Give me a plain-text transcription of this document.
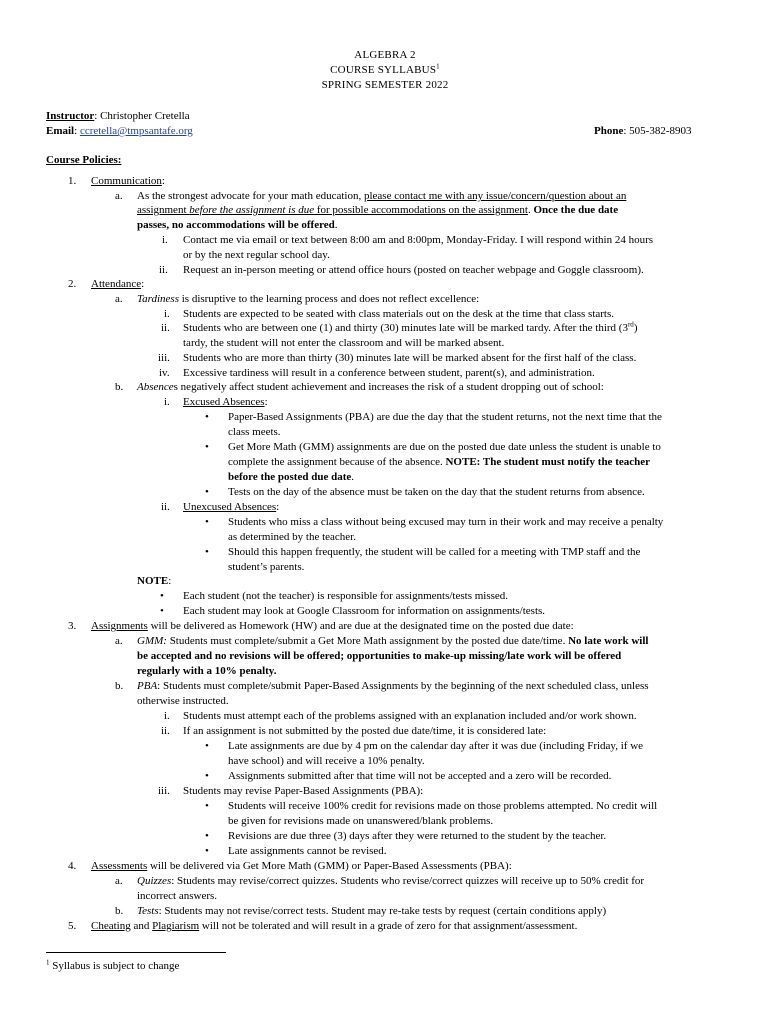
ALGEBRA 2
COURSE SYLLABUS$^1$
SPRING SEMESTER 2022
Instructor: Christopher Cretella
Email: ccretella@tmpsantafe.org	Phone: 505-382-8903
Course Policies:
1. Communication:
a. As the strongest advocate for your math education, please contact me with any issue/concern/question about an
assignment before the assignment is due for possible accommodations on the assignment. Once the due date
passes, no accommodations will be offered.
i. Contact me via email or text between 8:00 am and 8:00pm, Monday-Friday. I will respond within 24 hours
or by the next regular school day.
ii. Request an in-person meeting or attend office hours (posted on teacher webpage and Goggle classroom).
2. Attendance:
a. Tardiness is disruptive to the learning process and does not reflect excellence:
i. Students are expected to be seated with class materials out on the desk at the time that class starts.
ii. Students who are between one (1) and thirty (30) minutes late will be marked tardy. After the third (3rd)
tardy, the student will not enter the classroom and will be marked absent.
iii. Students who are more than thirty (30) minutes late will be marked absent for the first half of the class.
iv. Excessive tardiness will result in a conference between student, parent(s), and administration.
b. Absences negatively affect student achievement and increases the risk of a student dropping out of school:
i. Excused Absences:
• Paper-Based Assignments (PBA) are due the day that the student returns, not the next time that the
class meets.
• Get More Math (GMM) assignments are due on the posted due date unless the student is unable to
complete the assignment because of the absence. NOTE: The student must notify the teacher
before the posted due date.
• Tests on the day of the absence must be taken on the day that the student returns from absence.
ii. Unexcused Absences:
• Students who miss a class without being excused may turn in their work and may receive a penalty
as determined by the teacher.
• Should this happen frequently, the student will be called for a meeting with TMP staff and the
student’s parents.
NOTE:
• Each student (not the teacher) is responsible for assignments/tests missed.
• Each student may look at Google Classroom for information on assignments/tests.
3. Assignments will be delivered as Homework (HW) and are due at the designated time on the posted due date:
a. GMM: Students must complete/submit a Get More Math assignment by the posted due date/time. No late work will
be accepted and no revisions will be offered; opportunities to make-up missing/late work will be offered
regularly with a 10% penalty.
b. PBA: Students must complete/submit Paper-Based Assignments by the beginning of the next scheduled class, unless
otherwise instructed.
i. Students must attempt each of the problems assigned with an explanation included and/or work shown.
ii. If an assignment is not submitted by the posted due date/time, it is considered late:
• Late assignments are due by 4 pm on the calendar day after it was due (including Friday, if we
have school) and will receive a 10% penalty.
• Assignments submitted after that time will not be accepted and a zero will be recorded.
iii. Students may revise Paper-Based Assignments (PBA):
• Students will receive 100% credit for revisions made on those problems attempted. No credit will
be given for revisions made on unanswered/blank problems.
• Revisions are due three (3) days after they were returned to the student by the teacher.
• Late assignments cannot be revised.
4. Assessments will be delivered via Get More Math (GMM) or Paper-Based Assessments (PBA):
a. Quizzes: Students may revise/correct quizzes. Students who revise/correct quizzes will receive up to 50% credit for
incorrect answers.
b. Tests: Students may not revise/correct tests. Student may re-take tests by request (certain conditions apply)
5. Cheating and Plagiarism will not be tolerated and will result in a grade of zero for that assignment/assessment.
$^1$ Syllabus is subject to change
